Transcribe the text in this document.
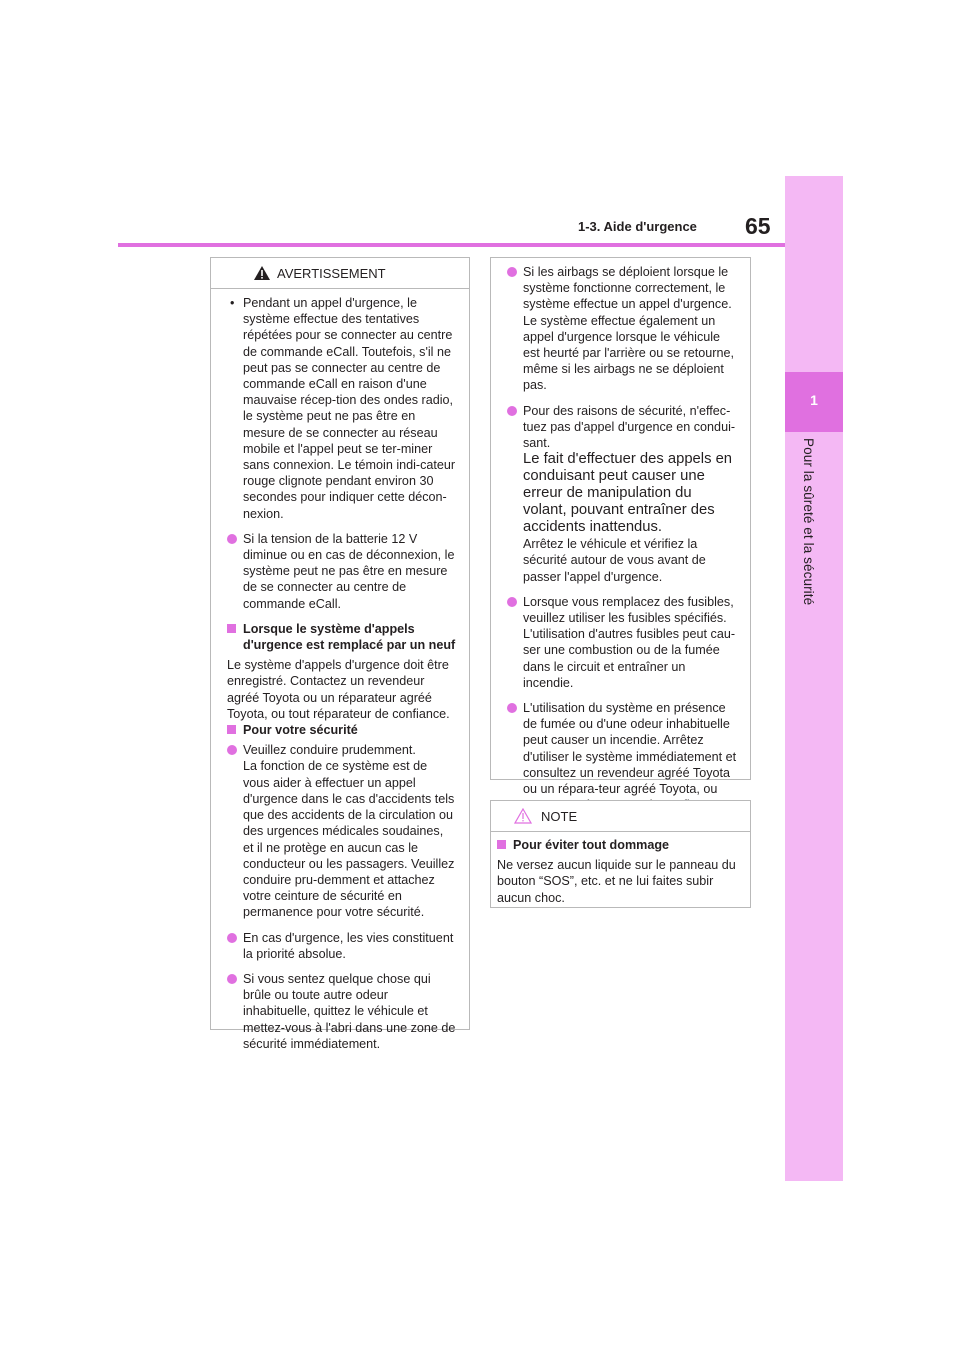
1-3. Aide d'urgence 65
1
Pour la sûreté et la sécurité
AVERTISSEMENT
• Pendant un appel d'urgence, le système effectue des tentatives répétées pour se connecter au centre de commande eCall. Toutefois, s'il ne peut pas se connecter au centre de commande eCall en raison d'une mauvaise récep-tion des ondes radio, le système peut ne pas être en mesure de se connecter au réseau mobile et l'appel peut se ter-miner sans connexion. Le témoin indi-cateur rouge clignote pendant environ 30 secondes pour indiquer cette décon-nexion.

Si la tension de la batterie 12 V diminue ou en cas de déconnexion, le système peut ne pas être en mesure de se connecter au centre de commande eCall.

Lorsque le système d'appels d'urgence est remplacé par un neuf

Le système d'appels d'urgence doit être enregistré. Contactez un revendeur agréé Toyota ou un réparateur agréé Toyota, ou tout réparateur de confiance.

Pour votre sécurité

Veuillez conduire prudemment.

La fonction de ce système est de vous aider à effectuer un appel d'urgence dans le cas d'accidents tels que des accidents de la circulation ou des urgences médicales soudaines, et il ne protège en aucun cas le conducteur ou les passagers. Veuillez conduire pru-demment et attachez votre ceinture de sécurité en permanence pour votre sécurité.

En cas d'urgence, les vies constituent la priorité absolue.

Si vous sentez quelque chose qui brûle ou toute autre odeur inhabituelle, quittez le véhicule et mettez-vous à l'abri dans une zone de sécurité immédiatement.

Si les airbags se déploient lorsque le système fonctionne correctement, le système effectue un appel d'urgence. Le système effectue également un appel d'urgence lorsque le véhicule est heurté par l'arrière ou se retourne, même si les airbags ne se déploient pas.

Pour des raisons de sécurité, n'effec-tuez pas d'appel d'urgence en condui-sant.

Le fait d'effectuer des appels en conduisant peut causer une erreur de manipulation du volant, pouvant entraîner des accidents inattendus.

Arrêtez le véhicule et vérifiez la sécurité autour de vous avant de passer l'appel d'urgence.

Lorsque vous remplacez des fusibles, veuillez utiliser les fusibles spécifiés. L'utilisation d'autres fusibles peut cau-ser une combustion ou de la fumée dans le circuit et entraîner un incendie.

L'utilisation du système en présence de fumée ou d'une odeur inhabituelle peut causer un incendie. Arrêtez d'utiliser le système immédiatement et consultez un revendeur agréé Toyota ou un répara-teur agréé Toyota, ou

NOTE

Pour éviter tout dommage

Ne versez aucun liquide sur le panneau du bouton “SOS”, etc. et ne lui faites subir aucun choc.
